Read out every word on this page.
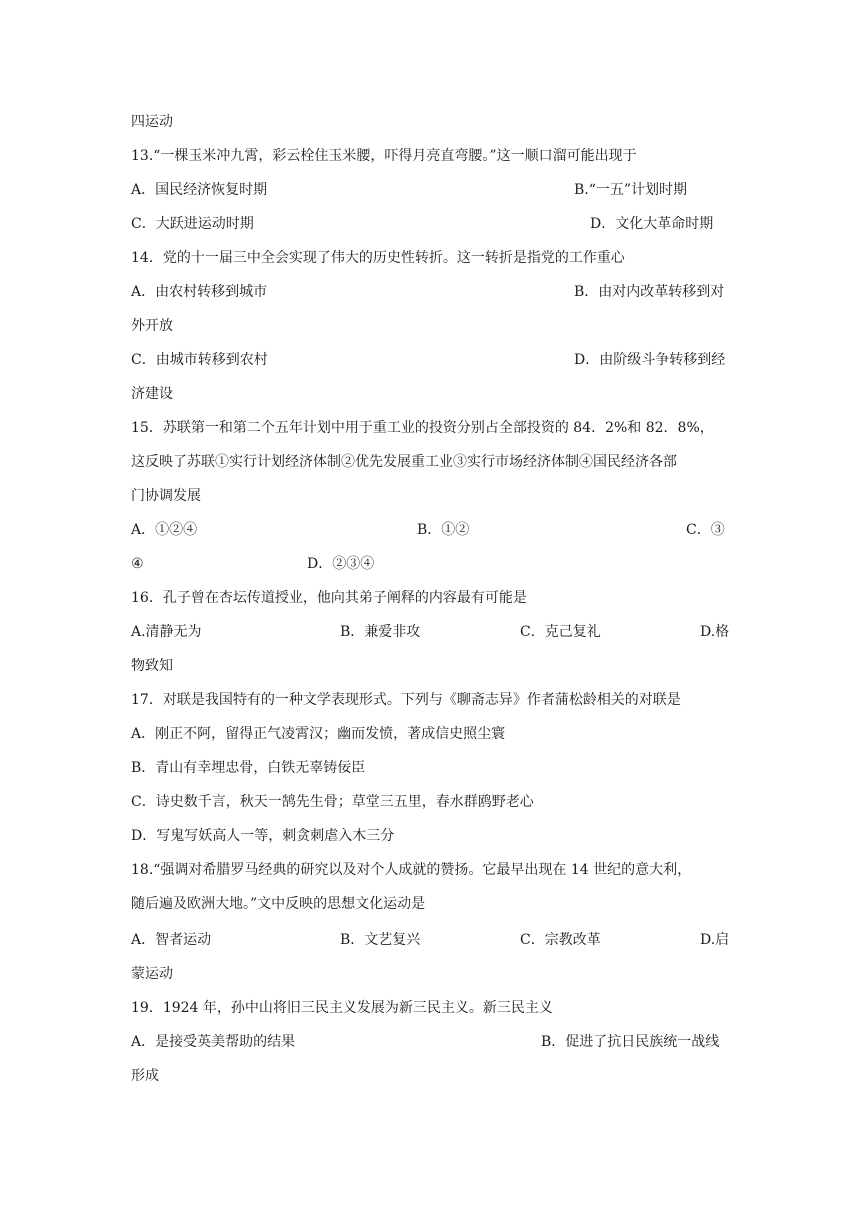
四运动
13.“一棵玉米冲九霄，彩云栓住玉米腰，吓得月亮直弯腰。”这一顺口溜可能出现于
A．国民经济恢复时期	B.“一五”计划时期
C．大跃进运动时期	D．文化大革命时期
14．党的十一届三中全会实现了伟大的历史性转折。这一转折是指党的工作重心
A．由农村转移到城市	B．由对内改革转移到对
外开放
C．由城市转移到农村	D．由阶级斗争转移到经
济建设
15．苏联第一和第二个五年计划中用于重工业的投资分别占全部投资的 84．2%和 82．8%，
这反映了苏联①实行计划经济体制②优先发展重工业③实行市场经济体制④国民经济各部
门协调发展
A．①②④	B．①②	C．③
④	D．②③④
16．孔子曾在杏坛传道授业，他向其弟子阐释的内容最有可能是
A.清静无为	B．兼爱非攻	C．克己复礼	D.格
物致知
17．对联是我国特有的一种文学表现形式。下列与《聊斋志异》作者蒲松龄相关的对联是
A．刚正不阿，留得正气凌霄汉；幽而发愤，著成信史照尘寰
B．青山有幸埋忠骨，白铁无辜铸佞臣
C．诗史数千言，秋天一鹄先生骨；草堂三五里，春水群鸥野老心
D．写鬼写妖高人一等，刺贪刺虐入木三分
18.“强调对希腊罗马经典的研究以及对个人成就的赞扬。它最早出现在 14 世纪的意大利，
随后遍及欧洲大地。”文中反映的思想文化运动是
A．智者运动	B．文艺复兴	C．宗教改革	D.启
蒙运动
19．1924 年，孙中山将旧三民主义发展为新三民主义。新三民主义
A．是接受英美帮助的结果	B．促进了抗日民族统一战线
形成
